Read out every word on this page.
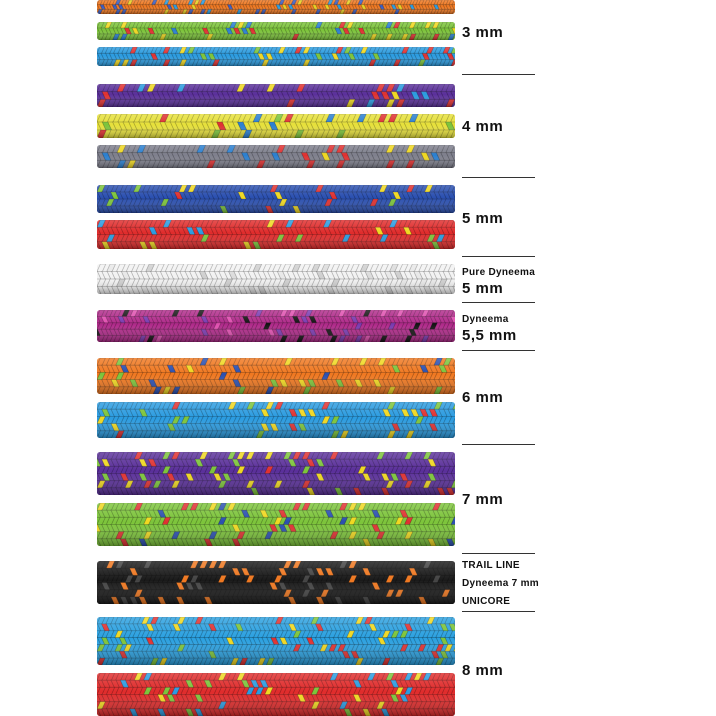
3 mm
4 mm
5 mm
Pure Dyneema
5 mm
Dyneema
5,5 mm
6 mm
7 mm
TRAIL LINE
Dyneema 7 mm
UNICORE
8 mm
